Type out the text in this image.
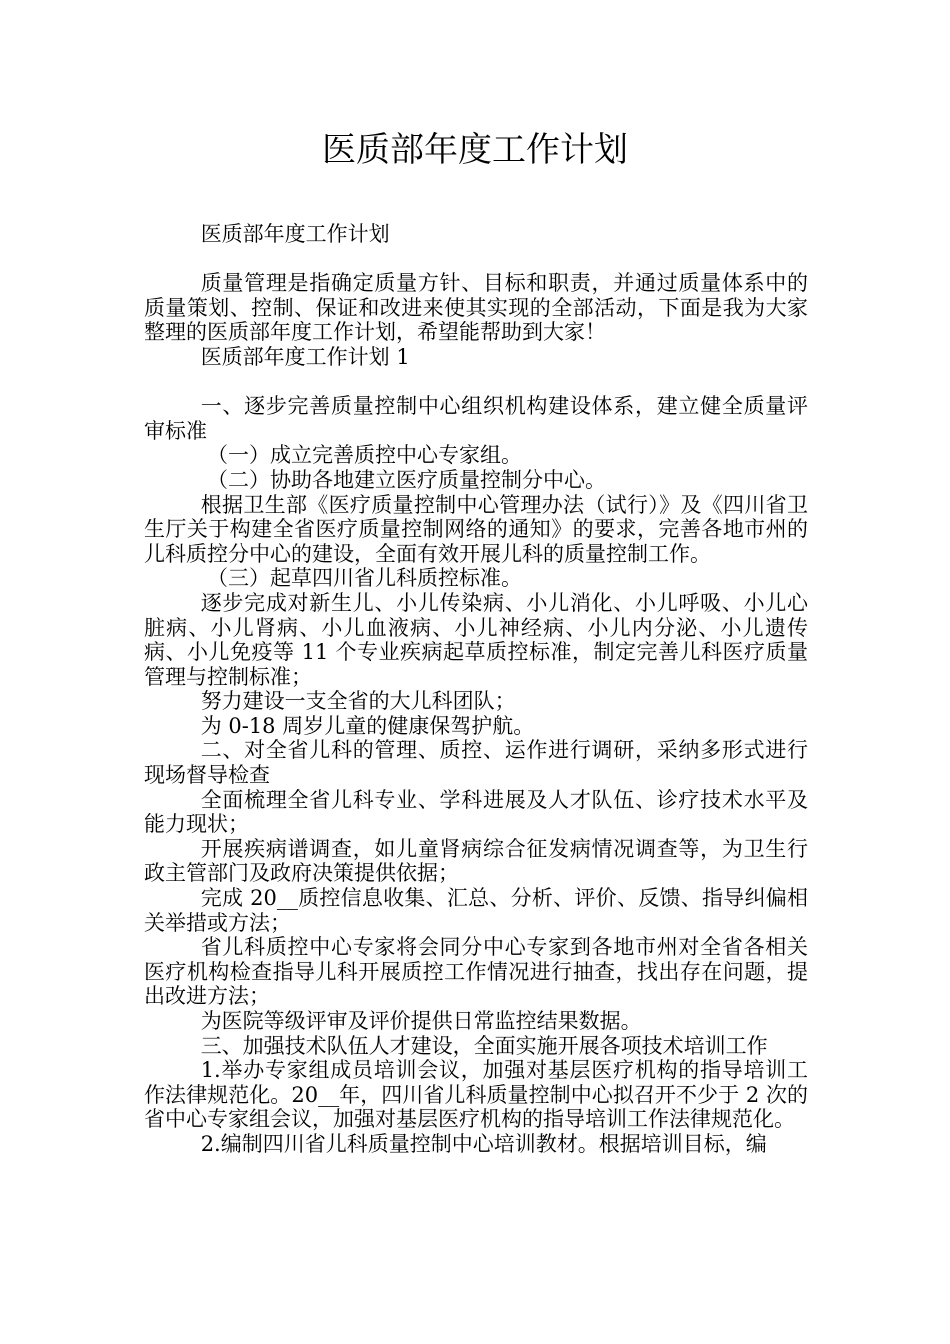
医质部年度工作计划

医质部年度工作计划

质量管理是指确定质量方针、目标和职责，并通过质量体系中的质量策划、控制、保证和改进来使其实现的全部活动，下面是我为大家整理的医质部年度工作计划，希望能帮助到大家！

医质部年度工作计划 1

一、逐步完善质量控制中心组织机构建设体系，建立健全质量评审标准

（一）成立完善质控中心专家组。

（二）协助各地建立医疗质量控制分中心。

根据卫生部《医疗质量控制中心管理办法（试行）》及《四川省卫生厅关于构建全省医疗质量控制网络的通知》的要求，完善各地市州的儿科质控分中心的建设，全面有效开展儿科的质量控制工作。

（三）起草四川省儿科质控标准。

逐步完成对新生儿、小儿传染病、小儿消化、小儿呼吸、小儿心脏病、小儿肾病、小儿血液病、小儿神经病、小儿内分泌、小儿遗传病、小儿免疫等 11 个专业疾病起草质控标准，制定完善儿科医疗质量管理与控制标准；

努力建设一支全省的大儿科团队；

为 0-18 周岁儿童的健康保驾护航。

二、对全省儿科的管理、质控、运作进行调研，采纳多形式进行现场督导检查

全面梳理全省儿科专业、学科进展及人才队伍、诊疗技术水平及能力现状；

开展疾病谱调查，如儿童肾病综合征发病情况调查等，为卫生行政主管部门及政府决策提供依据；

完成 20__质控信息收集、汇总、分析、评价、反馈、指导纠偏相关举措或方法；

省儿科质控中心专家将会同分中心专家到各地市州对全省各相关医疗机构检查指导儿科开展质控工作情况进行抽查，找出存在问题，提出改进方法；

为医院等级评审及评价提供日常监控结果数据。

三、加强技术队伍人才建设，全面实施开展各项技术培训工作

1.举办专家组成员培训会议，加强对基层医疗机构的指导培训工作法律规范化。20__年，四川省儿科质量控制中心拟召开不少于 2 次的省中心专家组会议，加强对基层医疗机构的指导培训工作法律规范化。

2.编制四川省儿科质量控制中心培训教材。根据培训目标，编
